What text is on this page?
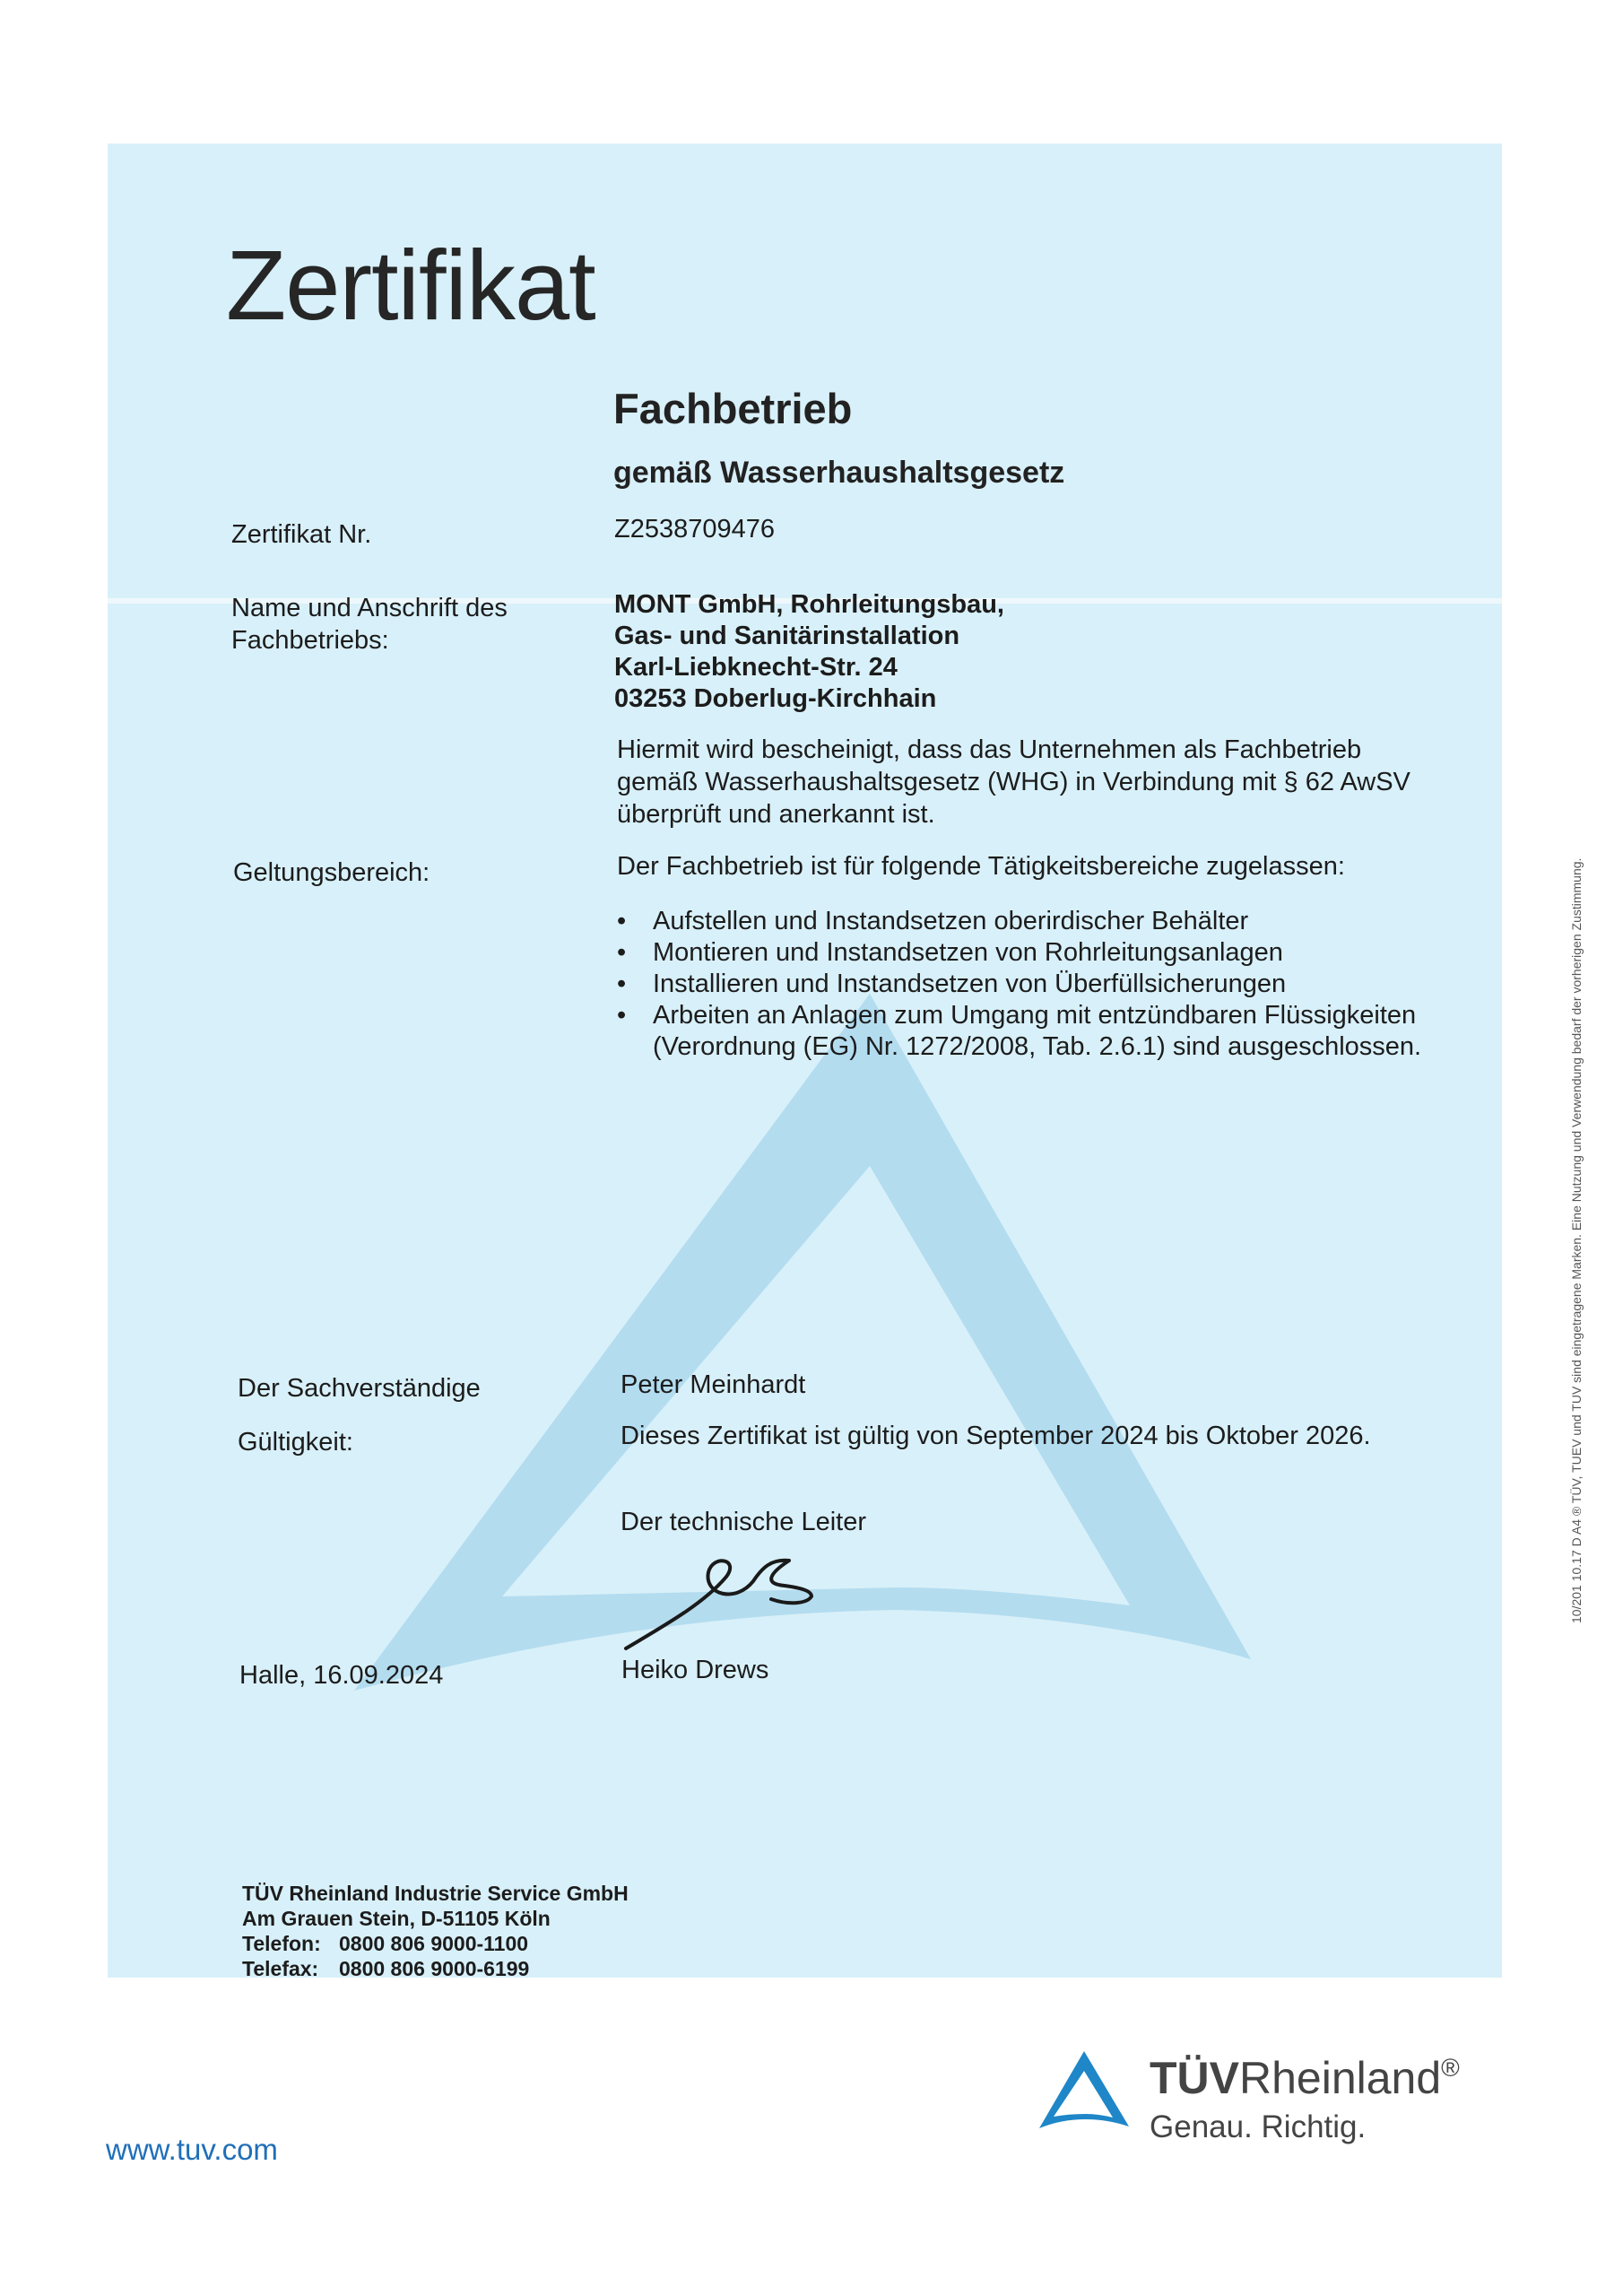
Zertifikat
Fachbetrieb
gemäß Wasserhaushaltsgesetz
Zertifikat Nr.	Z2538709476
Name und Anschrift des
Fachbetriebs:
MONT GmbH, Rohrleitungsbau,
Gas- und Sanitärinstallation
Karl-Liebknecht-Str. 24
03253 Doberlug-Kirchhain
Hiermit wird bescheinigt, dass das Unternehmen als Fachbetrieb gemäß Wasserhaushaltsgesetz (WHG) in Verbindung mit § 62 AwSV überprüft und anerkannt ist.
Geltungsbereich:	Der Fachbetrieb ist für folgende Tätigkeitsbereiche zugelassen:
• Aufstellen und Instandsetzen oberirdischer Behälter
• Montieren und Instandsetzen von Rohrleitungsanlagen
• Installieren und Instandsetzen von Überfüllsicherungen
• Arbeiten an Anlagen zum Umgang mit entzündbaren Flüssigkeiten (Verordnung (EG) Nr. 1272/2008, Tab. 2.6.1) sind ausgeschlossen.
Der Sachverständige	Peter Meinhardt
Gültigkeit:	Dieses Zertifikat ist gültig von September 2024 bis Oktober 2026.
Der technische Leiter
Heiko Drews
Halle, 16.09.2024
TÜV Rheinland Industrie Service GmbH
Am Grauen Stein, D-51105 Köln
Telefon: 0800 806 9000-1100
Telefax: 0800 806 9000-6199
www.tuv.com
TÜVRheinland®
Genau. Richtig.
10/201 10.17 D A4 ® TÜV, TUEV und TUV sind eingetragene Marken. Eine Nutzung und Verwendung bedarf der vorherigen Zustimmung.
